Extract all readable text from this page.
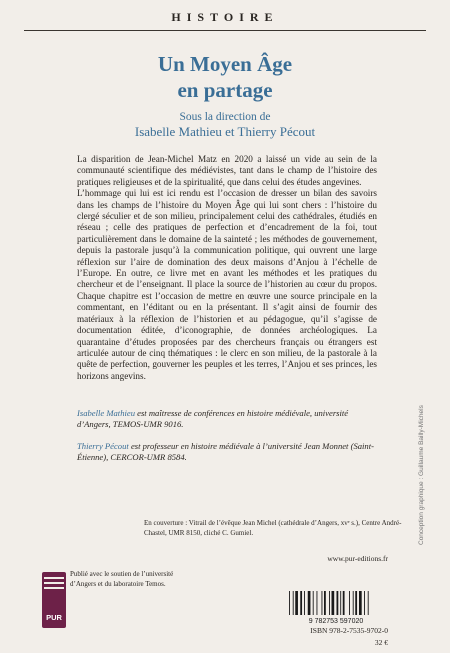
HISTOIRE
Un Moyen Âge
en partage
Sous la direction de
Isabelle Mathieu et Thierry Pécout

La disparition de Jean-Michel Matz en 2020 a laissé un vide au sein de la communauté scientifique des médiévistes, tant dans le champ de l’histoire des pratiques religieuses et de la spiritualité, que dans celui des études angevines.

L’hommage qui lui est ici rendu est l’occasion de dresser un bilan des savoirs dans les champs de l’histoire du Moyen Âge qui lui sont chers : l’histoire du clergé séculier et de son milieu, principalement celui des cathédrales, étudiés en réseau ; celle des pratiques de perfection et d’encadrement de la foi, tout particulièrement dans le domaine de la sainteté ; les méthodes de gouvernement, depuis la pastorale jusqu’à la communication politique, qui ouvrent une large réflexion sur l’aire de domination des deux maisons d’Anjou à l’échelle de l’Europe. En outre, ce livre met en avant les méthodes et les pratiques du chercheur et de l’enseignant. Il place la source de l’historien au cœur du propos. Chaque chapitre est l’occasion de mettre en œuvre une source principale en la commentant, en l’éditant ou en la présentant. Il s’agit ainsi de fournir des matériaux à la réflexion de l’historien et au pédagogue, qu’il s’agisse de documentation éditée, d’iconographie, de données archéologiques. La quarantaine d’études proposées par des chercheurs français ou étrangers est articulée autour de cinq thématiques : le clerc en son milieu, de la pastorale à la quête de perfection, gouverner les peuples et les terres, l’Anjou et ses princes, les horizons angevins.

Isabelle Mathieu est maîtresse de conférences en histoire médiévale, université d’Angers, TEMOS-UMR 9016.
Thierry Pécout est professeur en histoire médiévale à l’université Jean Monnet (Saint-Étienne), CERCOR-UMR 8584.
En couverture : Vitrail de l’évêque Jean Michel (cathédrale d’Angers, xvᵉ s.), Centre André-Chastel, UMR 8150, cliché C. Gumiel.
www.pur-editions.fr
PUR
Publié avec le soutien de l’université d’Angers et du laboratoire Temos.
9 782753 597020
ISBN 978-2-7535-9702-0
32 €
Conception graphique : Guillaume Bailly-Michels
